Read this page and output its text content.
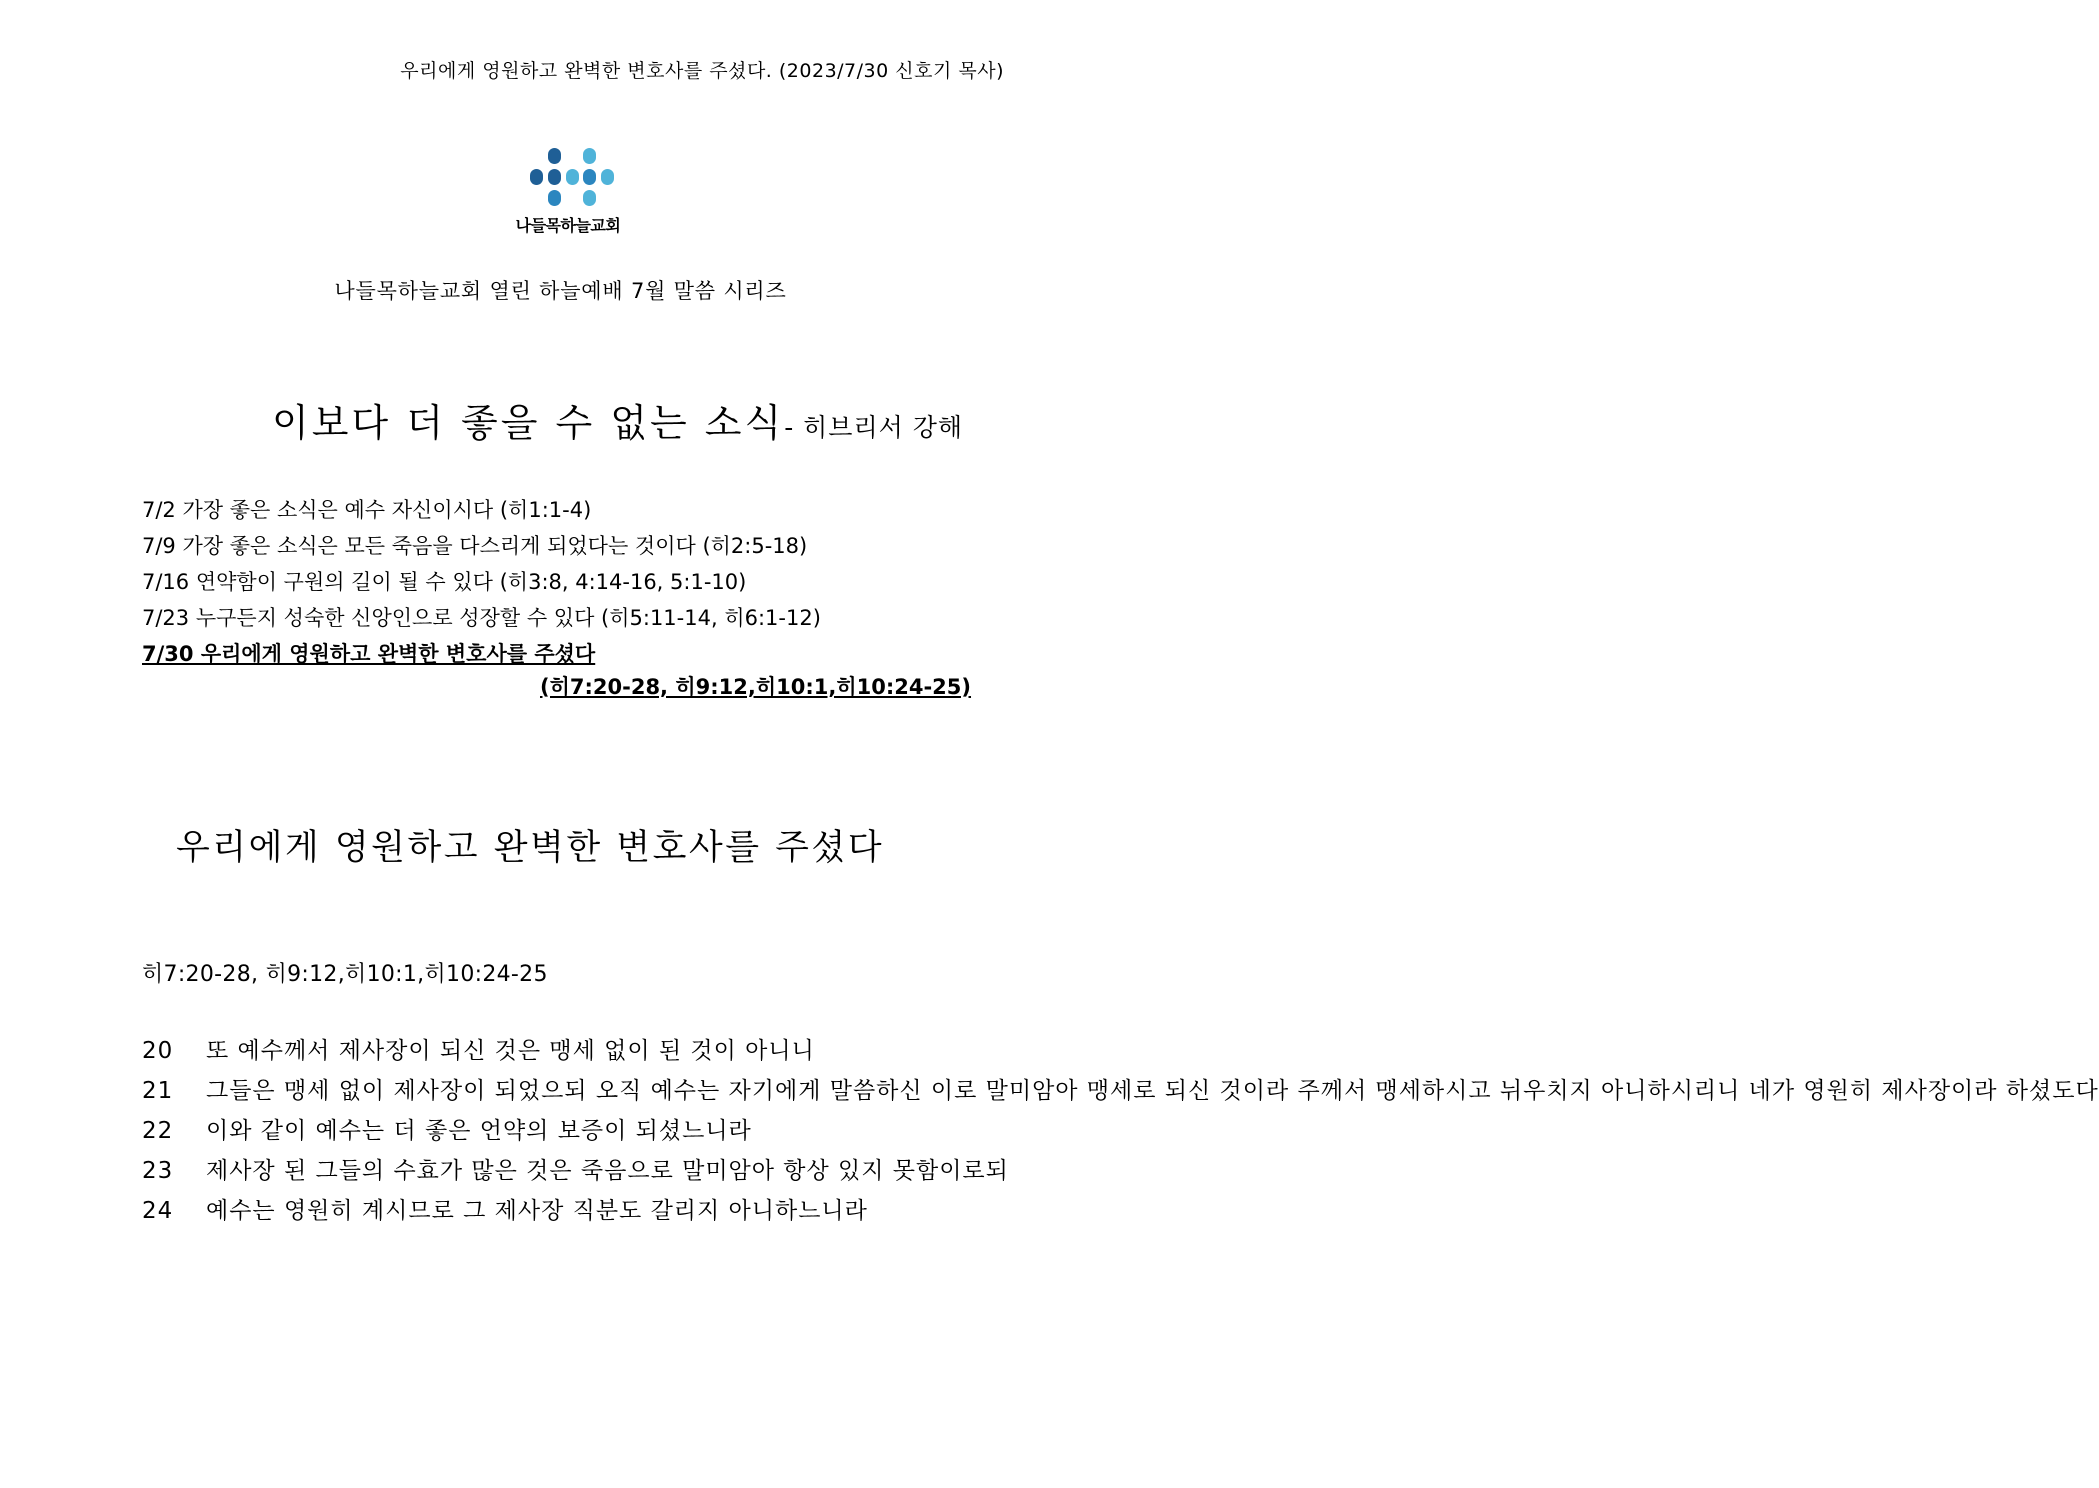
우리에게 영원하고 완벽한 변호사를 주셨다. (2023/7/30 신호기 목사)
나들목하늘교회
나들목하늘교회 열린 하늘예배 7월 말씀 시리즈
이보다 더 좋을 수 없는 소식- 히브리서 강해
7/2 가장 좋은 소식은 예수 자신이시다 (히1:1-4)
7/9 가장 좋은 소식은 모든 죽음을 다스리게 되었다는 것이다 (히2:5-18)
7/16 연약함이 구원의 길이 될 수 있다 (히3:8, 4:14-16, 5:1-10)
7/23 누구든지 성숙한 신앙인으로 성장할 수 있다 (히5:11-14, 히6:1-12)
7/30 우리에게 영원하고 완벽한 변호사를 주셨다
(히7:20-28, 히9:12,히10:1,히10:24-25)
우리에게 영원하고 완벽한 변호사를 주셨다
히7:20-28, 히9:12,히10:1,히10:24-25
20 또 예수께서 제사장이 되신 것은 맹세 없이 된 것이 아니니
21 그들은 맹세 없이 제사장이 되었으되 오직 예수는 자기에게 말씀하신 이로 말미암아 맹세로 되신 것이라 주께서 맹세하시고 뉘우치지 아니하시리니 네가 영원히 제사장이라 하셨도다
22 이와 같이 예수는 더 좋은 언약의 보증이 되셨느니라
23 제사장 된 그들의 수효가 많은 것은 죽음으로 말미암아 항상 있지 못함이로되
24 예수는 영원히 계시므로 그 제사장 직분도 갈리지 아니하느니라
